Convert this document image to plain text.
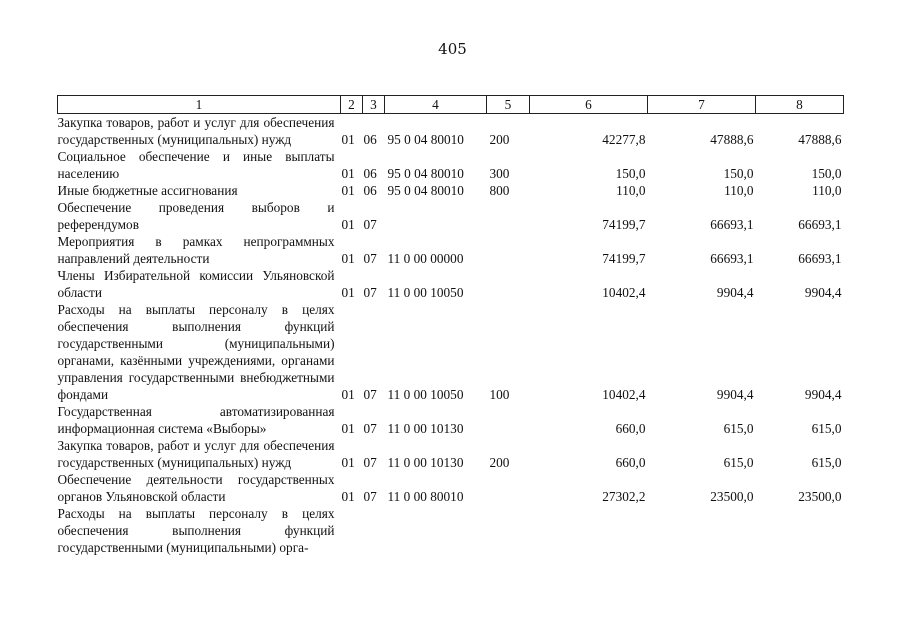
405
1	2	3	4	5	6	7	8
Закупка товаров, работ и услуг для обеспечения государственных (муниципальных) нужд	01	06	95 0 04 80010	200	42277,8	47888,6	47888,6
Социальное обеспечение и иные выплаты населению	01	06	95 0 04 80010	300	150,0	150,0	150,0
Иные бюджетные ассигнования	01	06	95 0 04 80010	800	110,0	110,0	110,0
Обеспечение проведения выборов и референдумов	01	07			74199,7	66693,1	66693,1
Мероприятия в рамках непрограммных направлений деятельности	01	07	11 0 00 00000		74199,7	66693,1	66693,1
Члены Избирательной комиссии Ульяновской области	01	07	11 0 00 10050		10402,4	9904,4	9904,4
Расходы на выплаты персоналу в целях обеспечения выполнения функций государственными (муниципальными) органами, казёнными учреждениями, органами управления государственными внебюджетными фондами	01	07	11 0 00 10050	100	10402,4	9904,4	9904,4
Государственная автоматизированная информационная система «Выборы»	01	07	11 0 00 10130		660,0	615,0	615,0
Закупка товаров, работ и услуг для обеспечения государственных (муниципальных) нужд	01	07	11 0 00 10130	200	660,0	615,0	615,0
Обеспечение деятельности государственных органов Ульяновской области	01	07	11 0 00 80010		27302,2	23500,0	23500,0
Расходы на выплаты персоналу в целях обеспечения выполнения функций государственными (муниципальными) орга-							
